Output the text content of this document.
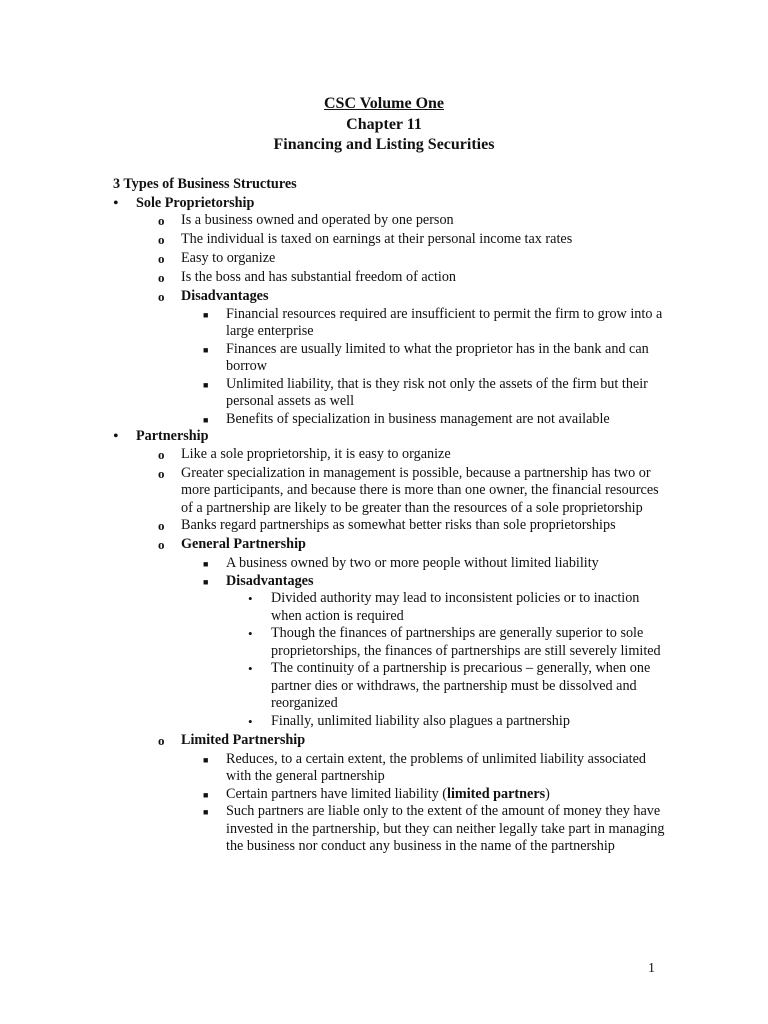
CSC Volume One
Chapter 11
Financing and Listing Securities
3 Types of Business Structures
• Sole Proprietorship
o Is a business owned and operated by one person
o The individual is taxed on earnings at their personal income tax rates
o Easy to organize
o Is the boss and has substantial freedom of action
o Disadvantages
■ Financial resources required are insufficient to permit the firm to grow into a large enterprise
■ Finances are usually limited to what the proprietor has in the bank and can borrow
■ Unlimited liability, that is they risk not only the assets of the firm but their personal assets as well
■ Benefits of specialization in business management are not available
• Partnership
o Like a sole proprietorship, it is easy to organize
o Greater specialization in management is possible, because a partnership has two or more participants, and because there is more than one owner, the financial resources of a partnership are likely to be greater than the resources of a sole proprietorship
o Banks regard partnerships as somewhat better risks than sole proprietorships
o General Partnership
■ A business owned by two or more people without limited liability
■ Disadvantages
• Divided authority may lead to inconsistent policies or to inaction when action is required
• Though the finances of partnerships are generally superior to sole proprietorships, the finances of partnerships are still severely limited
• The continuity of a partnership is precarious – generally, when one partner dies or withdraws, the partnership must be dissolved and reorganized
• Finally, unlimited liability also plagues a partnership
o Limited Partnership
■ Reduces, to a certain extent, the problems of unlimited liability associated with the general partnership
■ Certain partners have limited liability (limited partners)
■ Such partners are liable only to the extent of the amount of money they have invested in the partnership, but they can neither legally take part in managing the business nor conduct any business in the name of the partnership
1
